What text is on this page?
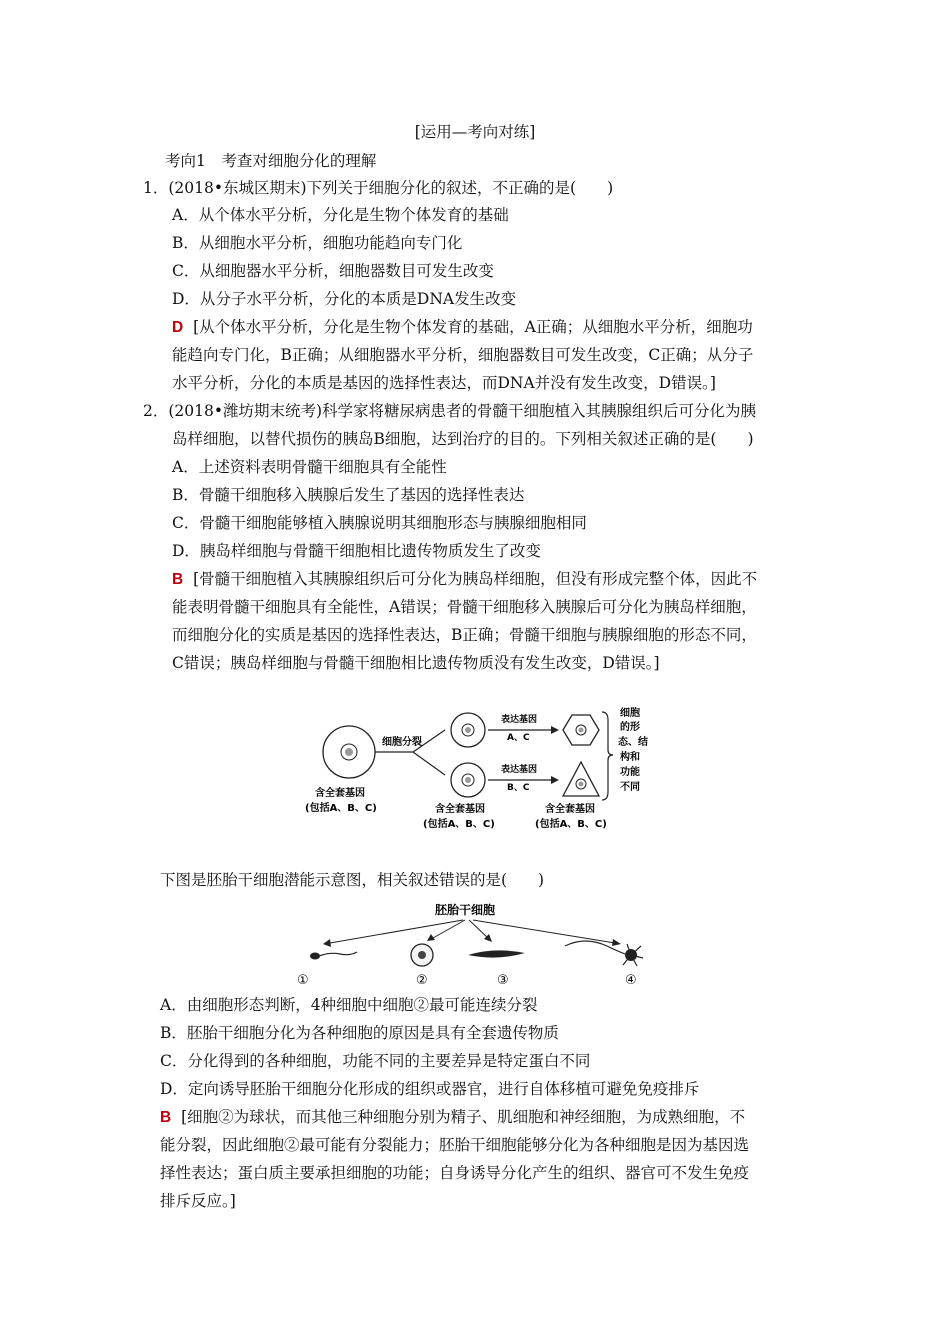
[运用—考向对练]
考向1　考查对细胞分化的理解
1．(2018•东城区期末)下列关于细胞分化的叙述，不正确的是(　　)
A．从个体水平分析，分化是生物个体发育的基础
B．从细胞水平分析，细胞功能趋向专门化
C．从细胞器水平分析，细胞器数目可发生改变
D．从分子水平分析，分化的本质是DNA发生改变
D [从个体水平分析，分化是生物个体发育的基础，A正确；从细胞水平分析，细胞功
能趋向专门化，B正确；从细胞器水平分析，细胞器数目可发生改变，C正确；从分子
水平分析，分化的本质是基因的选择性表达，而DNA并没有发生改变，D错误。]
2．(2018•潍坊期末统考)科学家将糖尿病患者的骨髓干细胞植入其胰腺组织后可分化为胰
岛样细胞，以替代损伤的胰岛B细胞，达到治疗的目的。下列相关叙述正确的是(　　)
A．上述资料表明骨髓干细胞具有全能性
B．骨髓干细胞移入胰腺后发生了基因的选择性表达
C．骨髓干细胞能够植入胰腺说明其细胞形态与胰腺细胞相同
D．胰岛样细胞与骨髓干细胞相比遗传物质发生了改变
B [骨髓干细胞植入其胰腺组织后可分化为胰岛样细胞，但没有形成完整个体，因此不
能表明骨髓干细胞具有全能性，A错误；骨髓干细胞移入胰腺后可分化为胰岛样细胞，
而细胞分化的实质是基因的选择性表达，B正确；骨髓干细胞与胰腺细胞的形态不同，
C错误；胰岛样细胞与骨髓干细胞相比遗传物质没有发生改变，D错误。]
细胞分裂
表达基因
A、C
表达基因
B、C
细胞 的形 态、结 构和 功能 不同
含全套基因
(包括A、B、C)	含全套基因
(包括A、B、C)
含全套基因
(包括A、B、C)
下图是胚胎干细胞潜能示意图，相关叙述错误的是(　　)
胚胎干细胞
①	②	③	④
A．由细胞形态判断，4种细胞中细胞②最可能连续分裂
B．胚胎干细胞分化为各种细胞的原因是具有全套遗传物质
C．分化得到的各种细胞，功能不同的主要差异是特定蛋白不同
D．定向诱导胚胎干细胞分化形成的组织或器官，进行自体移植可避免免疫排斥
B [细胞②为球状，而其他三种细胞分别为精子、肌细胞和神经细胞，为成熟细胞，不
能分裂，因此细胞②最可能有分裂能力；胚胎干细胞能够分化为各种细胞是因为基因选
择性表达；蛋白质主要承担细胞的功能；自身诱导分化产生的组织、器官可不发生免疫
排斥反应。]
